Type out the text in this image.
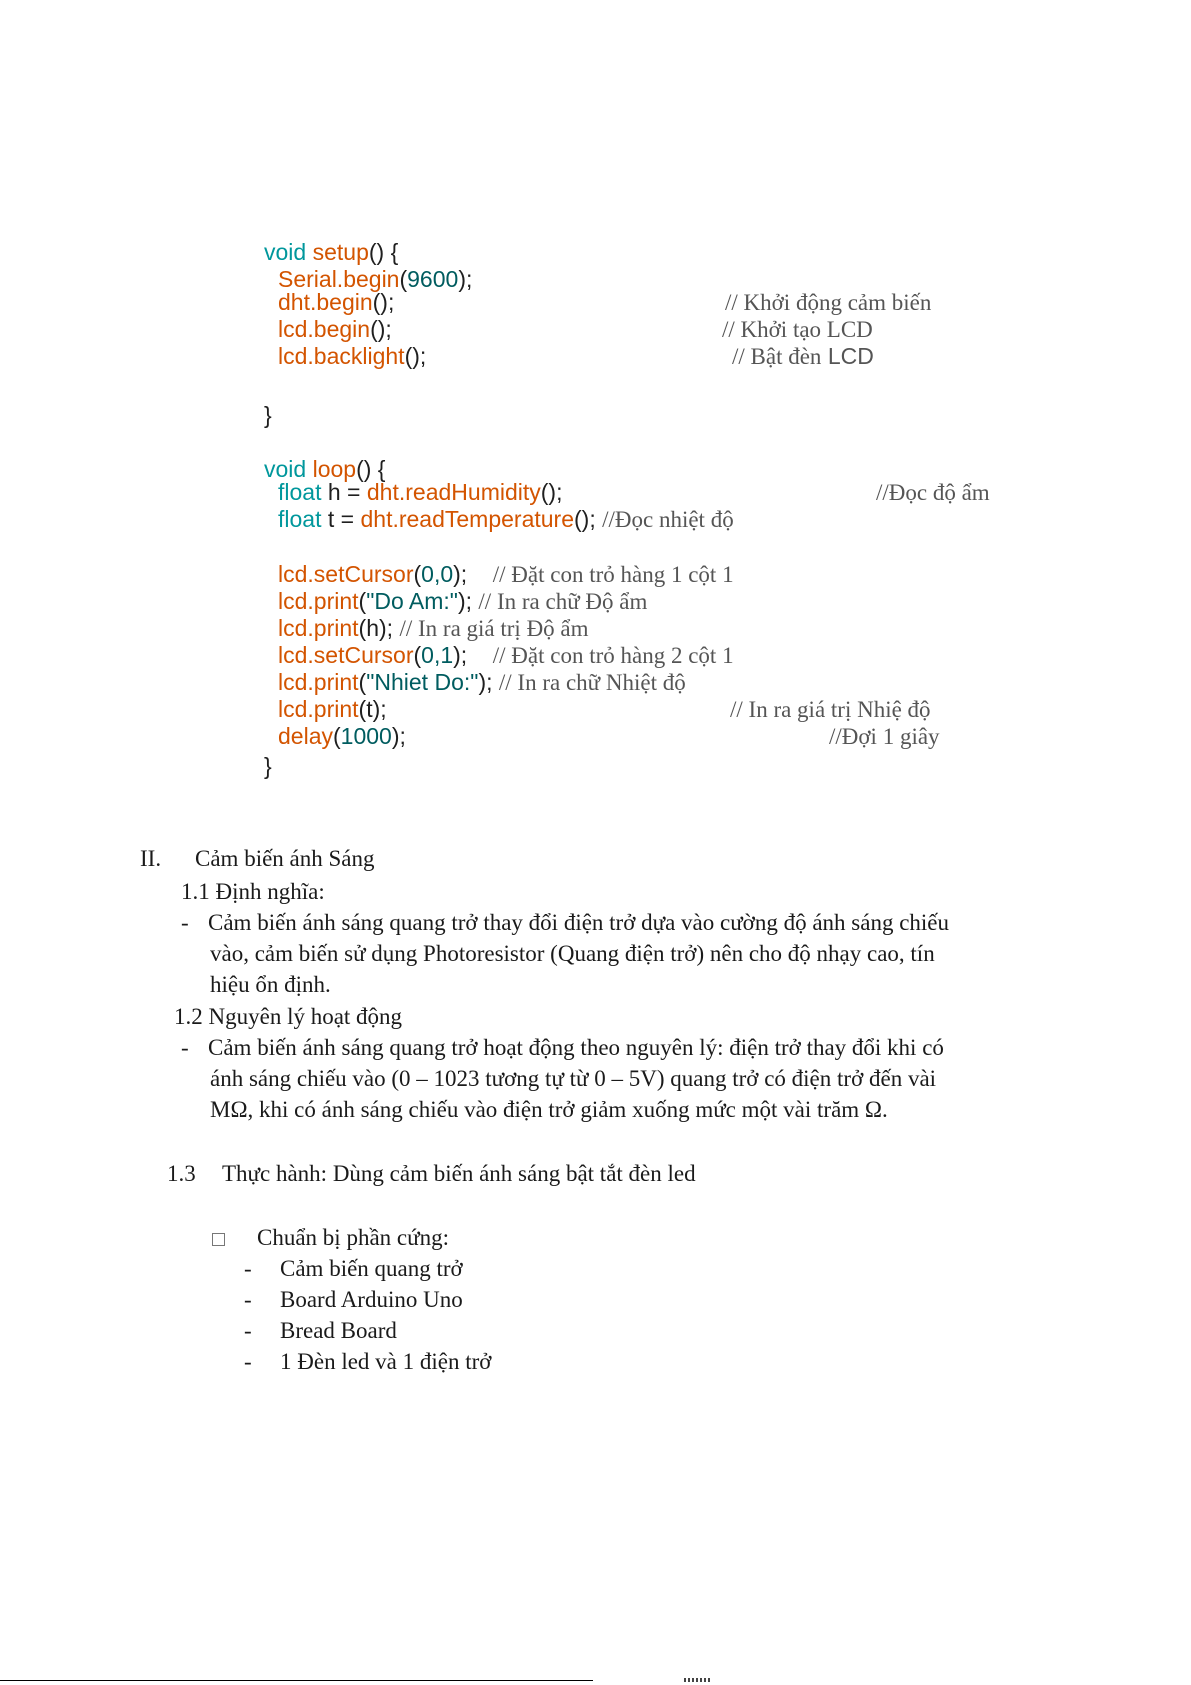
void setup() {
Serial.begin(9600);
dht.begin();	// Khởi động cảm biến
lcd.begin();	// Khởi tạo LCD
lcd.backlight();	// Bật đèn LCD
}
void loop() {
float h = dht.readHumidity();	//Đọc độ ẩm
float t = dht.readTemperature(); //Đọc nhiệt độ
lcd.setCursor(0,0);    // Đặt con trỏ hàng 1 cột 1
lcd.print("Do Am:"); // In ra chữ Độ ẩm
lcd.print(h); // In ra giá trị Độ ẩm
lcd.setCursor(0,1);    // Đặt con trỏ hàng 2 cột 1
lcd.print("Nhiet Do:"); // In ra chữ Nhiệt độ
lcd.print(t);	// In ra giá trị Nhiệ độ
delay(1000);	//Đợi 1 giây
}
II. Cảm biến ánh Sáng
1.1 Định nghĩa:
- Cảm biến ánh sáng quang trở thay đổi điện trở dựa vào cường độ ánh sáng chiếu
vào, cảm biến sử dụng Photoresistor (Quang điện trở) nên cho độ nhạy cao, tín
hiệu ổn định.
1.2 Nguyên lý hoạt động
- Cảm biến ánh sáng quang trở hoạt động theo nguyên lý: điện trở thay đổi khi có
ánh sáng chiếu vào (0 – 1023 tương tự từ 0 – 5V) quang trở có điện trở đến vài
MΩ, khi có ánh sáng chiếu vào điện trở giảm xuống mức một vài trăm Ω.
1.3 Thực hành: Dùng cảm biến ánh sáng bật tắt đèn led
Chuẩn bị phần cứng:
- Cảm biến quang trở
- Board Arduino Uno
- Bread Board
- 1 Đèn led và 1 điện trở
